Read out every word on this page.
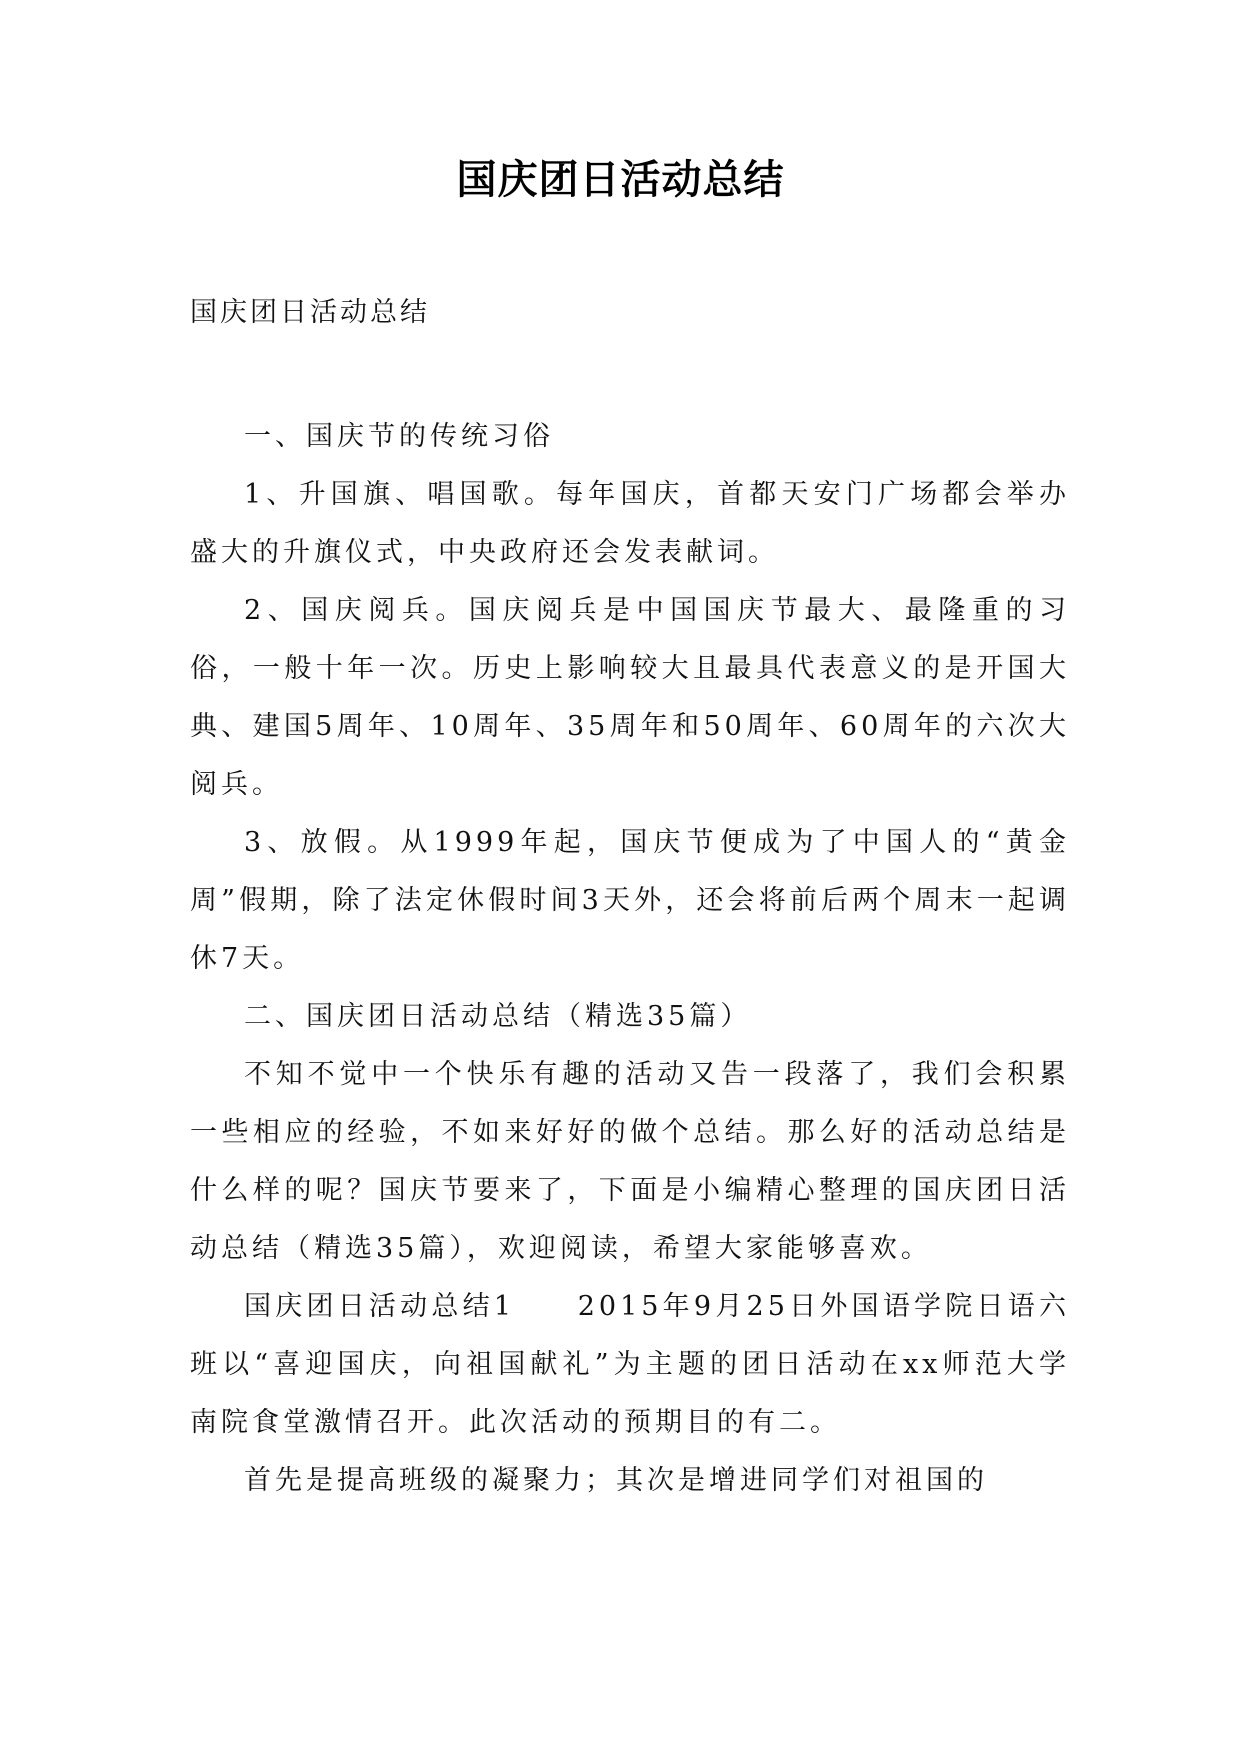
国庆团日活动总结
国庆团日活动总结

一、国庆节的传统习俗

1、升国旗、唱国歌。每年国庆，首都天安门广场都会举办盛大的升旗仪式，中央政府还会发表献词。

2、国庆阅兵。国庆阅兵是中国国庆节最大、最隆重的习俗，一般十年一次。历史上影响较大且最具代表意义的是开国大典、建国5周年、10周年、35周年和50周年、60周年的六次大阅兵。

3、放假。从1999年起，国庆节便成为了中国人的“黄金周”假期，除了法定休假时间3天外，还会将前后两个周末一起调休7天。

二、国庆团日活动总结（精选35篇）

不知不觉中一个快乐有趣的活动又告一段落了，我们会积累一些相应的经验，不如来好好的做个总结。那么好的活动总结是什么样的呢？国庆节要来了，下面是小编精心整理的国庆团日活动总结（精选35篇），欢迎阅读，希望大家能够喜欢。

国庆团日活动总结1　　2015年9月25日外国语学院日语六班以“喜迎国庆，向祖国献礼”为主题的团日活动在xx师范大学南院食堂激情召开。此次活动的预期目的有二。

首先是提高班级的凝聚力；其次是增进同学们对祖国的
